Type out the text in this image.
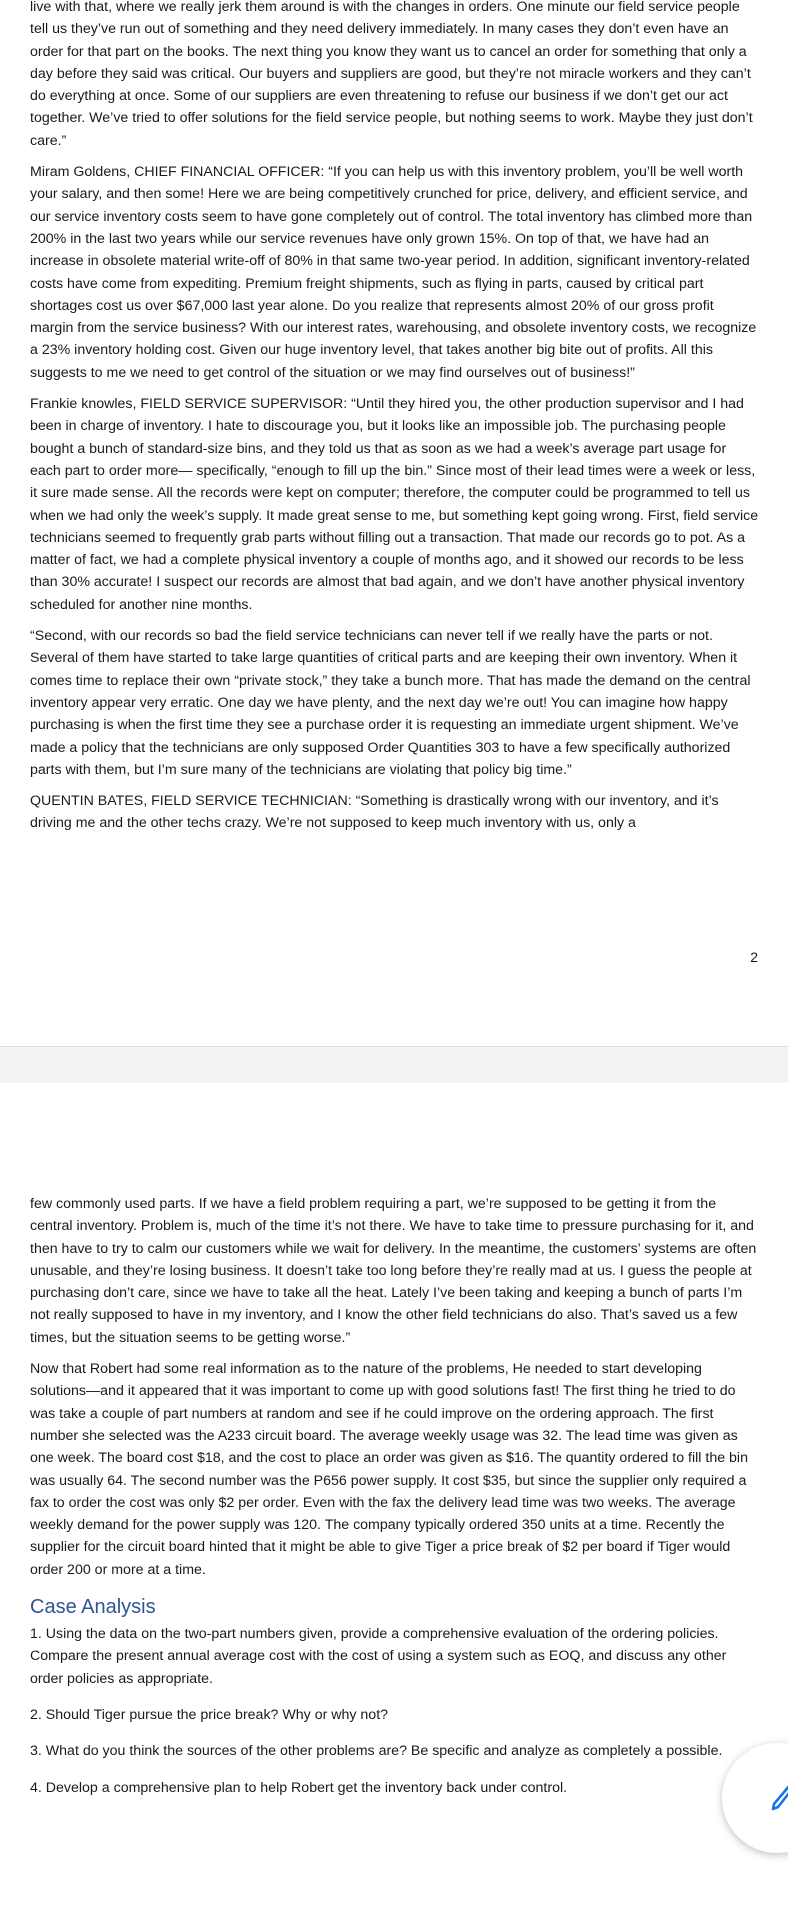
live with that, where we really jerk them around is with the changes in orders. One minute our field service people tell us they’ve run out of something and they need delivery immediately. In many cases they don’t even have an order for that part on the books. The next thing you know they want us to cancel an order for something that only a day before they said was critical. Our buyers and suppliers are good, but they’re not miracle workers and they can’t do everything at once. Some of our suppliers are even threatening to refuse our business if we don’t get our act together. We’ve tried to offer solutions for the field service people, but nothing seems to work. Maybe they just don’t care.”

Miram Goldens, CHIEF FINANCIAL OFFICER: “If you can help us with this inventory problem, you’ll be well worth your salary, and then some! Here we are being competitively crunched for price, delivery, and efficient service, and our service inventory costs seem to have gone completely out of control. The total inventory has climbed more than 200% in the last two years while our service revenues have only grown 15%. On top of that, we have had an increase in obsolete material write-off of 80% in that same two-year period. In addition, significant inventory-related costs have come from expediting. Premium freight shipments, such as flying in parts, caused by critical part shortages cost us over $67,000 last year alone. Do you realize that represents almost 20% of our gross profit margin from the service business? With our interest rates, warehousing, and obsolete inventory costs, we recognize a 23% inventory holding cost. Given our huge inventory level, that takes another big bite out of profits. All this suggests to me we need to get control of the situation or we may find ourselves out of business!”

Frankie knowles, FIELD SERVICE SUPERVISOR: “Until they hired you, the other production supervisor and I had been in charge of inventory. I hate to discourage you, but it looks like an impossible job. The purchasing people bought a bunch of standard-size bins, and they told us that as soon as we had a week’s average part usage for each part to order more— specifically, “enough to fill up the bin.” Since most of their lead times were a week or less, it sure made sense. All the records were kept on computer; therefore, the computer could be programmed to tell us when we had only the week’s supply. It made great sense to me, but something kept going wrong. First, field service technicians seemed to frequently grab parts without filling out a transaction. That made our records go to pot. As a matter of fact, we had a complete physical inventory a couple of months ago, and it showed our records to be less than 30% accurate! I suspect our records are almost that bad again, and we don’t have another physical inventory scheduled for another nine months.

“Second, with our records so bad the field service technicians can never tell if we really have the parts or not. Several of them have started to take large quantities of critical parts and are keeping their own inventory. When it comes time to replace their own “private stock,” they take a bunch more. That has made the demand on the central inventory appear very erratic. One day we have plenty, and the next day we’re out! You can imagine how happy purchasing is when the first time they see a purchase order it is requesting an immediate urgent shipment. We’ve made a policy that the technicians are only supposed Order Quantities 303 to have a few specifically authorized parts with them, but I’m sure many of the technicians are violating that policy big time.”

QUENTIN BATES, FIELD SERVICE TECHNICIAN: “Something is drastically wrong with our inventory, and it’s driving me and the other techs crazy. We’re not supposed to keep much inventory with us, only a

2

few commonly used parts. If we have a field problem requiring a part, we’re supposed to be getting it from the central inventory. Problem is, much of the time it’s not there. We have to take time to pressure purchasing for it, and then have to try to calm our customers while we wait for delivery. In the meantime, the customers’ systems are often unusable, and they’re losing business. It doesn’t take too long before they’re really mad at us. I guess the people at purchasing don’t care, since we have to take all the heat. Lately I’ve been taking and keeping a bunch of parts I’m not really supposed to have in my inventory, and I know the other field technicians do also. That’s saved us a few times, but the situation seems to be getting worse.”

Now that Robert had some real information as to the nature of the problems, He needed to start developing solutions—and it appeared that it was important to come up with good solutions fast! The first thing he tried to do was take a couple of part numbers at random and see if he could improve on the ordering approach. The first number she selected was the A233 circuit board. The average weekly usage was 32. The lead time was given as one week. The board cost $18, and the cost to place an order was given as $16. The quantity ordered to fill the bin was usually 64. The second number was the P656 power supply. It cost $35, but since the supplier only required a fax to order the cost was only $2 per order. Even with the fax the delivery lead time was two weeks. The average weekly demand for the power supply was 120. The company typically ordered 350 units at a time. Recently the supplier for the circuit board hinted that it might be able to give Tiger a price break of $2 per board if Tiger would order 200 or more at a time.

Case Analysis

1. Using the data on the two-part numbers given, provide a comprehensive evaluation of the ordering policies. Compare the present annual average cost with the cost of using a system such as EOQ, and discuss any other order policies as appropriate.

2. Should Tiger pursue the price break? Why or why not?

3. What do you think the sources of the other problems are? Be specific and analyze as completely a possible.

4. Develop a comprehensive plan to help Robert get the inventory back under control.
